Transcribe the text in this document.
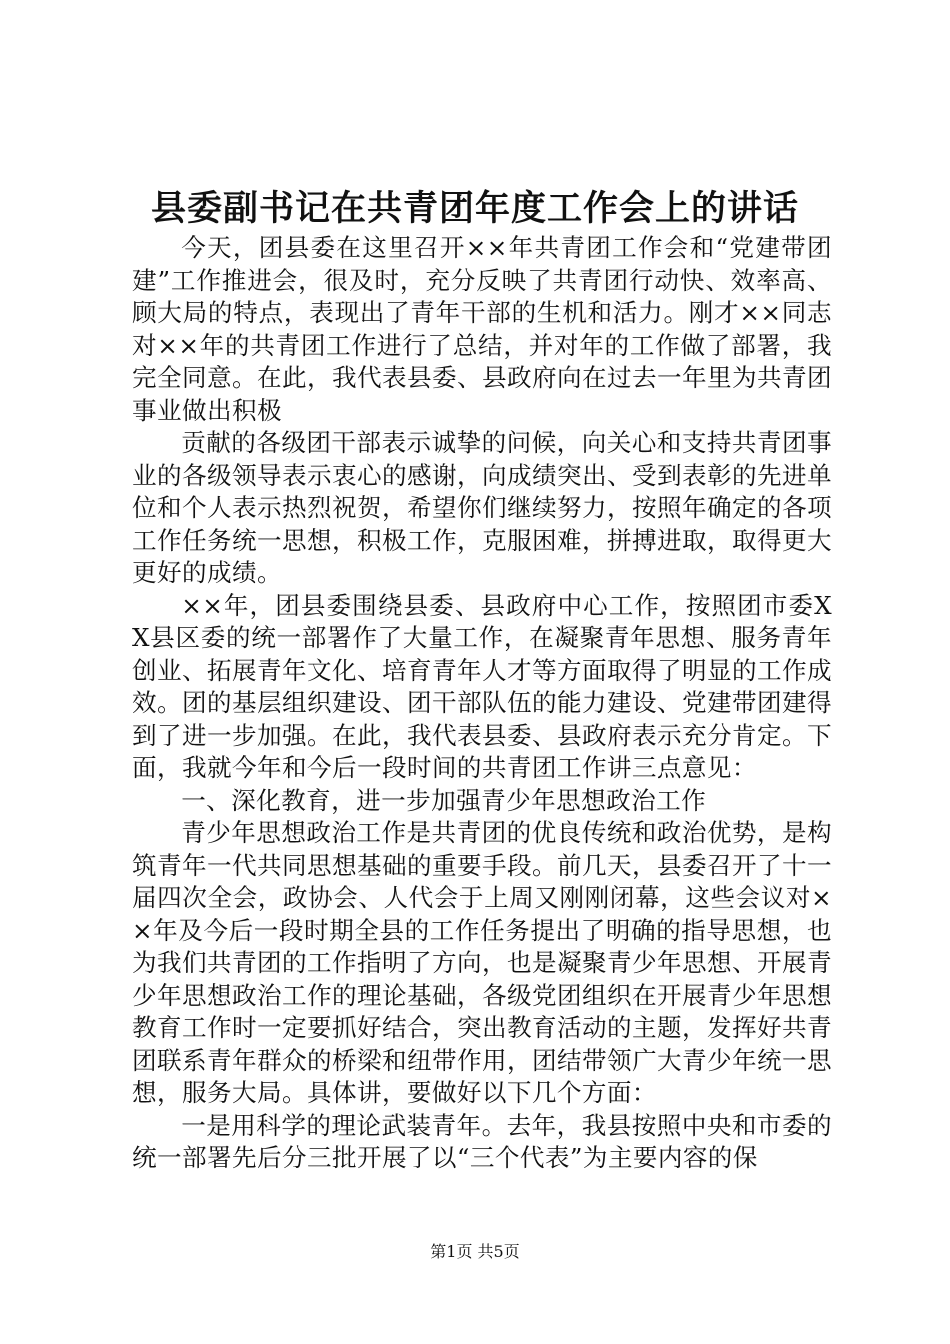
县委副书记在共青团年度工作会上的讲话

今天，团县委在这里召开××年共青团工作会和“党建带团建”工作推进会，很及时，充分反映了共青团行动快、效率高、顾大局的特点，表现出了青年干部的生机和活力。刚才××同志对××年的共青团工作进行了总结，并对年的工作做了部署，我完全同意。在此，我代表县委、县政府向在过去一年里为共青团事业做出积极

贡献的各级团干部表示诚挚的问候，向关心和支持共青团事业的各级领导表示衷心的感谢，向成绩突出、受到表彰的先进单位和个人表示热烈祝贺，希望你们继续努力，按照年确定的各项工作任务统一思想，积极工作，克服困难，拼搏进取，取得更大更好的成绩。

××年，团县委围绕县委、县政府中心工作，按照团市委XX县区委的统一部署作了大量工作，在凝聚青年思想、服务青年创业、拓展青年文化、培育青年人才等方面取得了明显的工作成效。团的基层组织建设、团干部队伍的能力建设、党建带团建得到了进一步加强。在此，我代表县委、县政府表示充分肯定。下面，我就今年和今后一段时间的共青团工作讲三点意见：

一、深化教育，进一步加强青少年思想政治工作

青少年思想政治工作是共青团的优良传统和政治优势，是构筑青年一代共同思想基础的重要手段。前几天，县委召开了十一届四次全会，政协会、人代会于上周又刚刚闭幕，这些会议对××年及今后一段时期全县的工作任务提出了明确的指导思想，也为我们共青团的工作指明了方向，也是凝聚青少年思想、开展青少年思想政治工作的理论基础，各级党团组织在开展青少年思想教育工作时一定要抓好结合，突出教育活动的主题，发挥好共青团联系青年群众的桥梁和纽带作用，团结带领广大青少年统一思想，服务大局。具体讲，要做好以下几个方面：

一是用科学的理论武装青年。去年，我县按照中央和市委的统一部署先后分三批开展了以“三个代表”为主要内容的保

第1页 共5页
